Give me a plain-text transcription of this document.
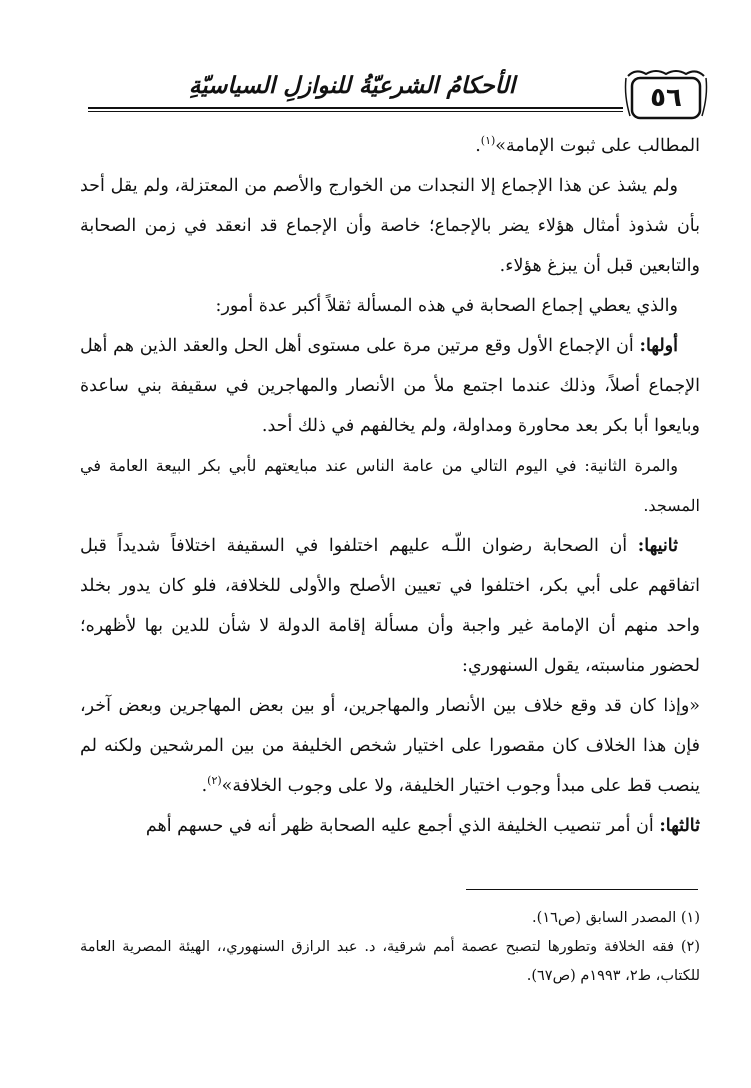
٥٦
الأحكامُ الشرعيّةُ للنوازلِ السياسيّةِ

المطالب على ثبوت الإمامة»$^{(١)}$.

ولم يشذ عن هذا الإجماع إلا النجدات من الخوارج والأصم من المعتزلة، ولم يقل أحد بأن شذوذ أمثال هؤلاء يضر بالإجماع؛ خاصة وأن الإجماع قد انعقد في زمن الصحابة والتابعين قبل أن يبزغ هؤلاء.

والذي يعطي إجماع الصحابة في هذه المسألة ثقلاً أكبر عدة أمور:

أولها: أن الإجماع الأول وقع مرتين مرة على مستوى أهل الحل والعقد الذين هم أهل الإجماع أصلاً، وذلك عندما اجتمع ملأ من الأنصار والمهاجرين في سقيفة بني ساعدة وبايعوا أبا بكر بعد محاورة ومداولة، ولم يخالفهم في ذلك أحد.

والمرة الثانية: في اليوم التالي من عامة الناس عند مبايعتهم لأبي بكر البيعة العامة في المسجد.

ثانيها: أن الصحابة رضوان اللّـه عليهم اختلفوا في السقيفة اختلافاً شديداً قبل اتفاقهم على أبي بكر، اختلفوا في تعيين الأصلح والأولى للخلافة، فلو كان يدور بخلد واحد منهم أن الإمامة غير واجبة وأن مسألة إقامة الدولة لا شأن للدين بها لأظهره؛ لحضور مناسبته، يقول السنهوري:

«وإذا كان قد وقع خلاف بين الأنصار والمهاجرين، أو بين بعض المهاجرين وبعض آخر، فإن هذا الخلاف كان مقصورا على اختيار شخص الخليفة من بين المرشحين ولكنه لم ينصب قط على مبدأ وجوب اختيار الخليفة، ولا على وجوب الخلافة»$^{(٢)}$.

ثالثها: أن أمر تنصيب الخليفة الذي أجمع عليه الصحابة ظهر أنه في حسهم أهم

(١) المصدر السابق (ص١٦).
(٢) فقه الخلافة وتطورها لتصبح عصمة أمم شرقية، د. عبد الرازق السنهوري،، الهيئة المصرية العامة للكتاب، ط٢، ١٩٩٣م (ص٦٧).
